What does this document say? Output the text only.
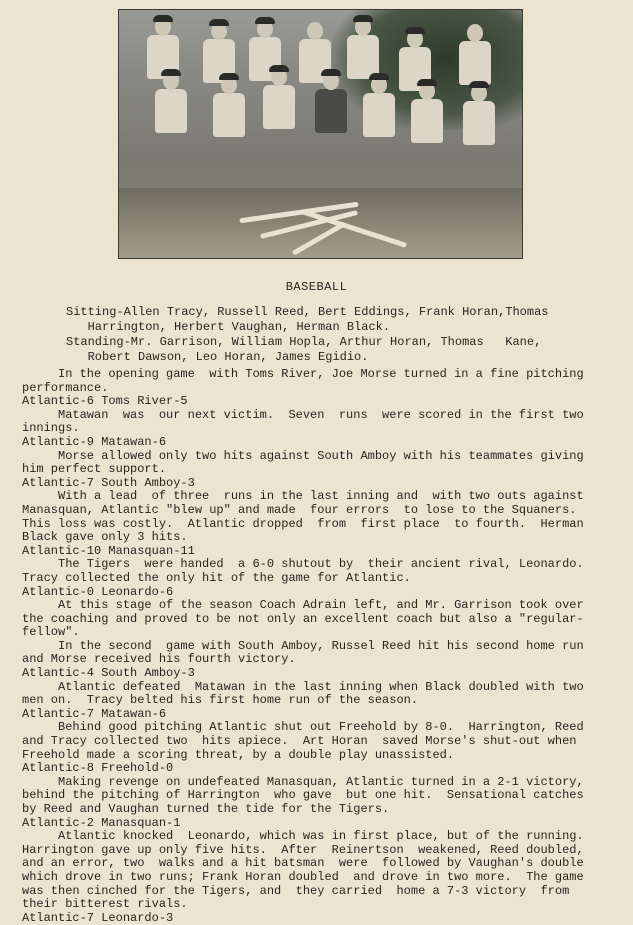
BASEBALL
Sitting-Allen Tracy, Russell Reed, Bert Eddings, Frank Horan,Thomas
Harrington, Herbert Vaughan, Herman Black.
Standing-Mr. Garrison, William Hopla, Arthur Horan, Thomas   Kane,
Robert Dawson, Leo Horan, James Egidio.
In the opening game  with Toms River, Joe Morse turned in a fine pitching
performance.
Atlantic-6 Toms River-5
Matawan  was  our next victim.  Seven  runs  were scored in the first two
innings.
Atlantic-9 Matawan-6
Morse allowed only two hits against South Amboy with his teammates giving
him perfect support.
Atlantic-7 South Amboy-3
With a lead  of three  runs in the last inning and  with two outs against
Manasquan, Atlantic "blew up" and made  four errors  to lose to the Squaners.
This loss was costly.  Atlantic dropped  from  first place  to fourth.  Herman
Black gave only 3 hits.
Atlantic-10 Manasquan-11
The Tigers  were handed  a 6-0 shutout by  their ancient rival, Leonardo.
Tracy collected the only hit of the game for Atlantic.
Atlantic-0 Leonardo-6
At this stage of the season Coach Adrain left, and Mr. Garrison took over
the coaching and proved to be not only an excellent coach but also a "regular-
fellow".
In the second  game with South Amboy, Russel Reed hit his second home run
and Morse received his fourth victory.
Atlantic-4 South Amboy-3
Atlantic defeated  Matawan in the last inning when Black doubled with two
men on.  Tracy belted his first home run of the season.
Atlantic-7 Matawan-6
Behind good pitching Atlantic shut out Freehold by 8-0.  Harrington, Reed
and Tracy collected two  hits apiece.  Art Horan  saved Morse's shut-out when
Freehold made a scoring threat, by a double play unassisted.
Atlantic-8 Freehold-0
Making revenge on undefeated Manasquan, Atlantic turned in a 2-1 victory,
behind the pitching of Harrington  who gave  but one hit.  Sensational catches
by Reed and Vaughan turned the tide for the Tigers.
Atlantic-2 Manasquan-1
Atlantic knocked  Leonardo, which was in first place, but of the running.
Harrington gave up only five hits.  After  Reinertson  weakened, Reed doubled,
and an error, two  walks and a hit batsman  were  followed by Vaughan's double
which drove in two runs; Frank Horan doubled  and drove in two more.  The game
was then cinched for the Tigers, and  they carried  home a 7-3 victory  from
their bitterest rivals.
Atlantic-7 Leonardo-3
